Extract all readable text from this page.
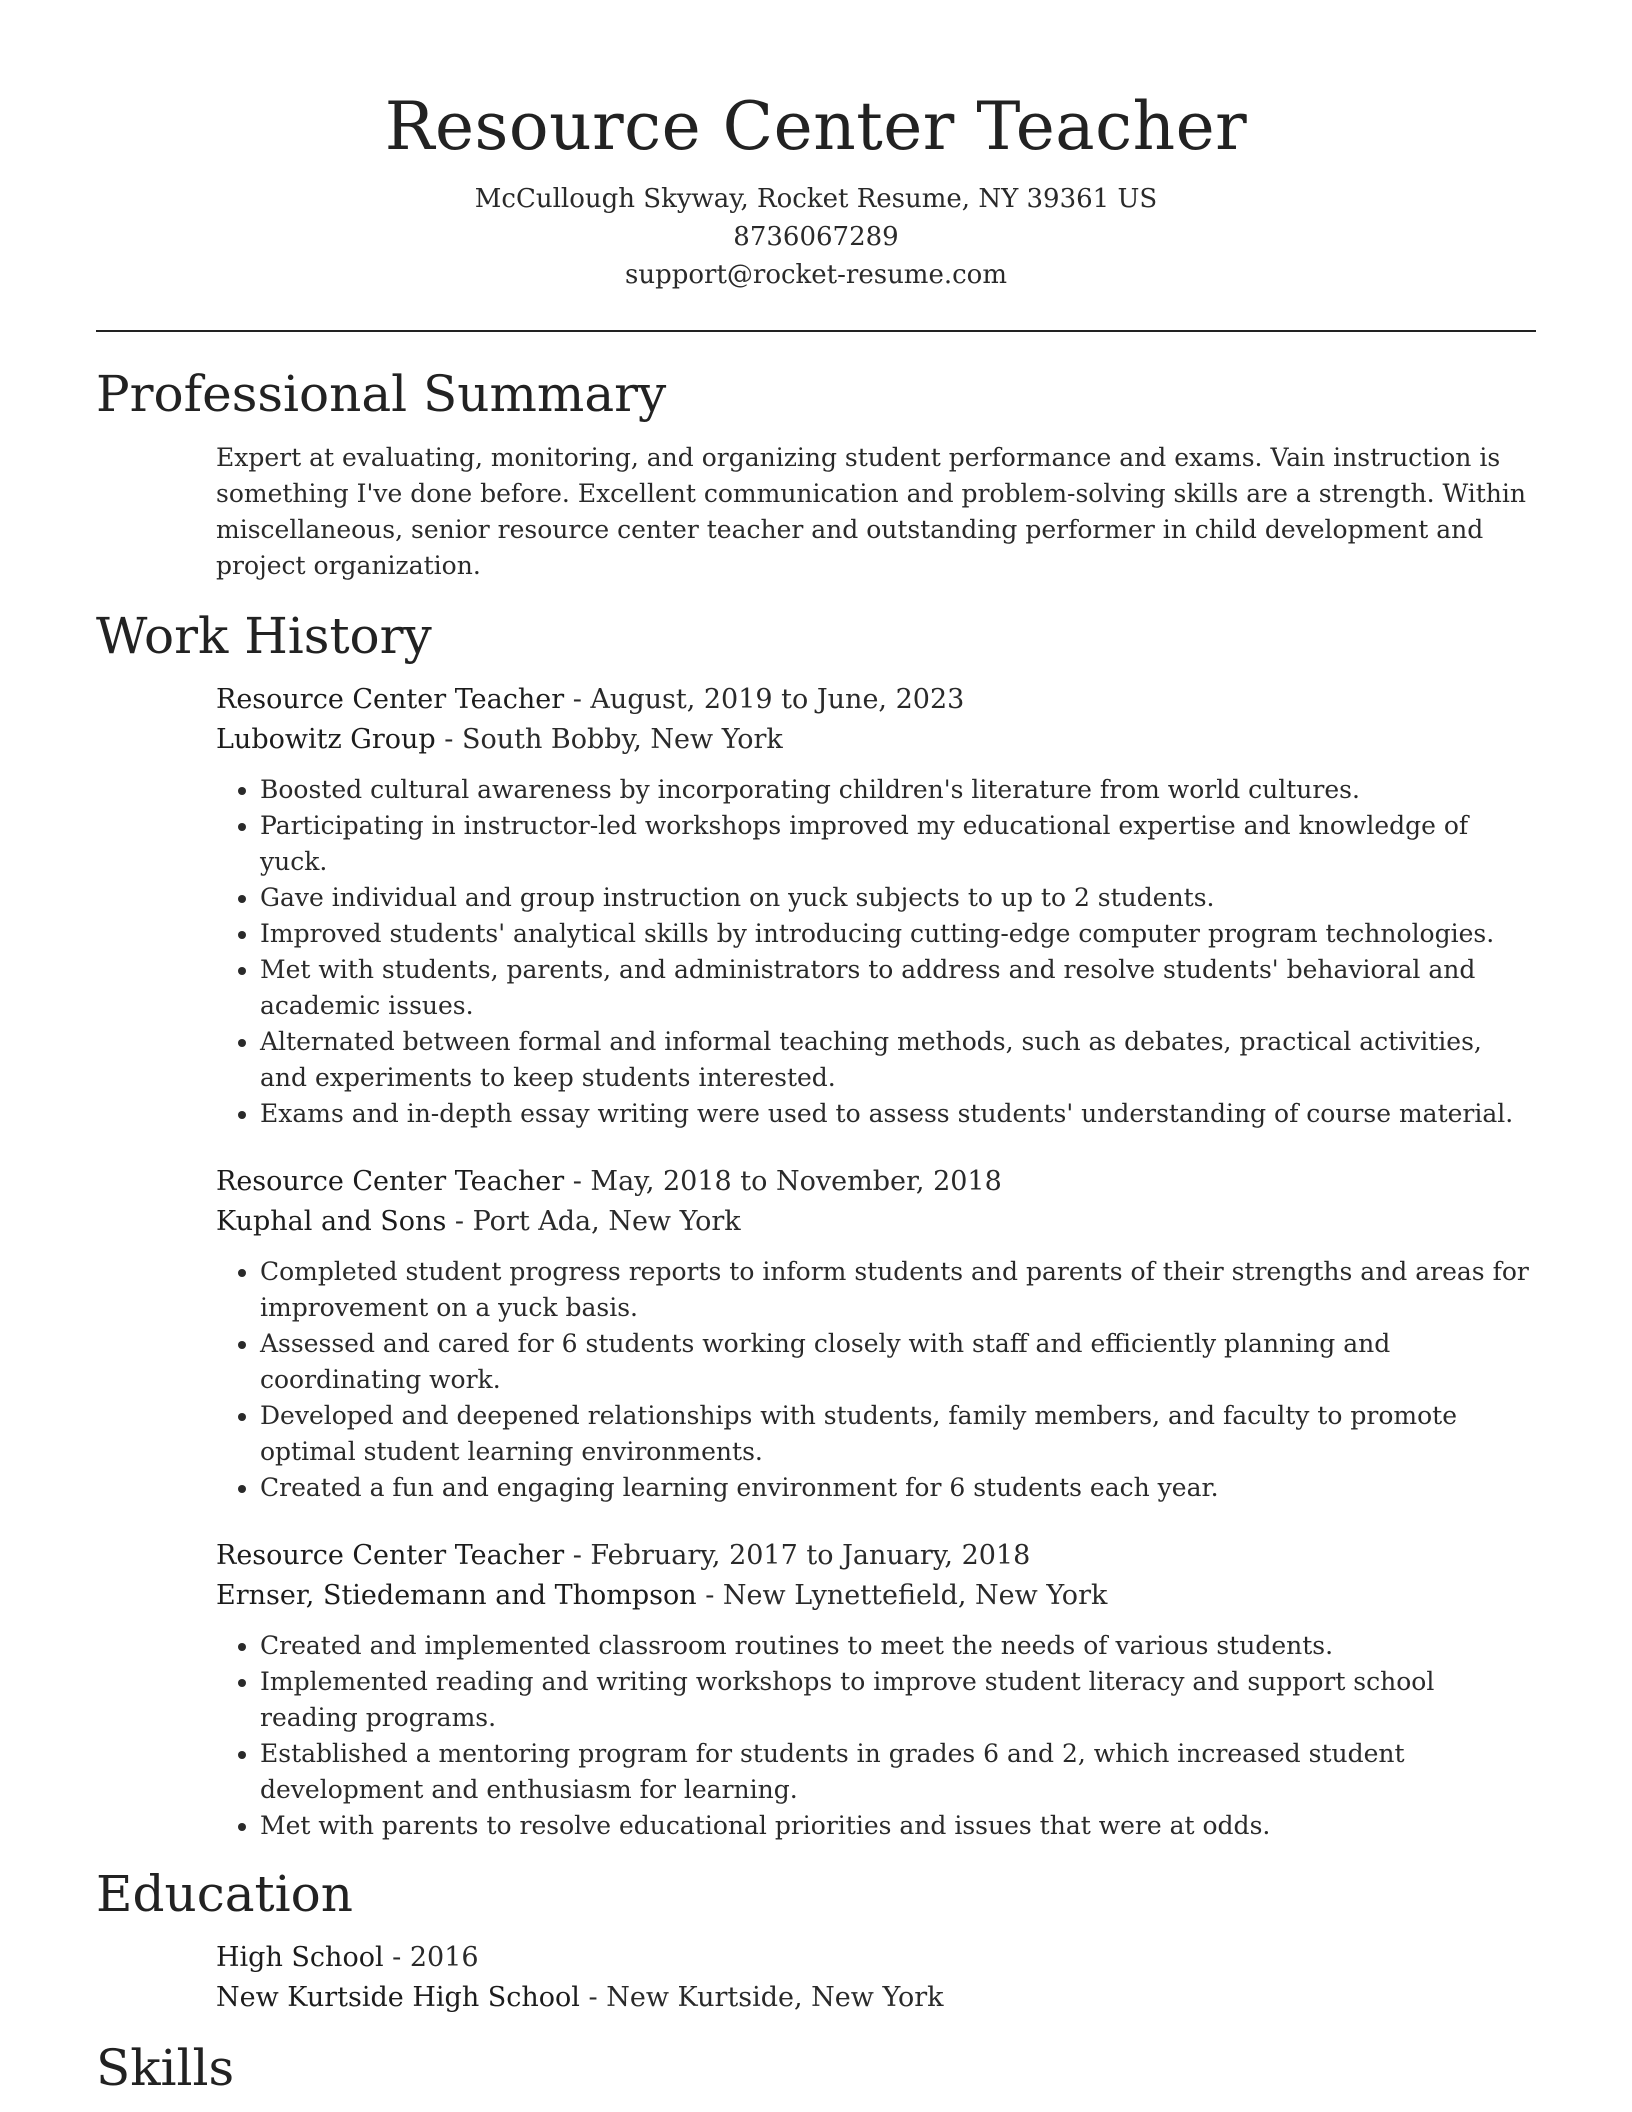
Resource Center Teacher

McCullough Skyway, Rocket Resume, NY 39361 US

8736067289

support@rocket-resume.com

Professional Summary

Expert at evaluating, monitoring, and organizing student performance and exams. Vain instruction is something I've done before. Excellent communication and problem-solving skills are a strength. Within miscellaneous, senior resource center teacher and outstanding performer in child development and project organization.

Work History

Resource Center Teacher - August, 2019 to June, 2023

Lubowitz Group - South Bobby, New York

• Boosted cultural awareness by incorporating children's literature from world cultures.
• Participating in instructor-led workshops improved my educational expertise and knowledge of yuck.
• Gave individual and group instruction on yuck subjects to up to 2 students.
• Improved students' analytical skills by introducing cutting-edge computer program technologies.
• Met with students, parents, and administrators to address and resolve students' behavioral and academic issues.
• Alternated between formal and informal teaching methods, such as debates, practical activities, and experiments to keep students interested.
• Exams and in-depth essay writing were used to assess students' understanding of course material.

Resource Center Teacher - May, 2018 to November, 2018

Kuphal and Sons - Port Ada, New York

• Completed student progress reports to inform students and parents of their strengths and areas for improvement on a yuck basis.
• Assessed and cared for 6 students working closely with staff and efficiently planning and coordinating work.
• Developed and deepened relationships with students, family members, and faculty to promote optimal student learning environments.
• Created a fun and engaging learning environment for 6 students each year.

Resource Center Teacher - February, 2017 to January, 2018

Ernser, Stiedemann and Thompson - New Lynettefield, New York

• Created and implemented classroom routines to meet the needs of various students.
• Implemented reading and writing workshops to improve student literacy and support school reading programs.
• Established a mentoring program for students in grades 6 and 2, which increased student development and enthusiasm for learning.
• Met with parents to resolve educational priorities and issues that were at odds.
Education

High School - 2016

New Kurtside High School - New Kurtside, New York

Skills
